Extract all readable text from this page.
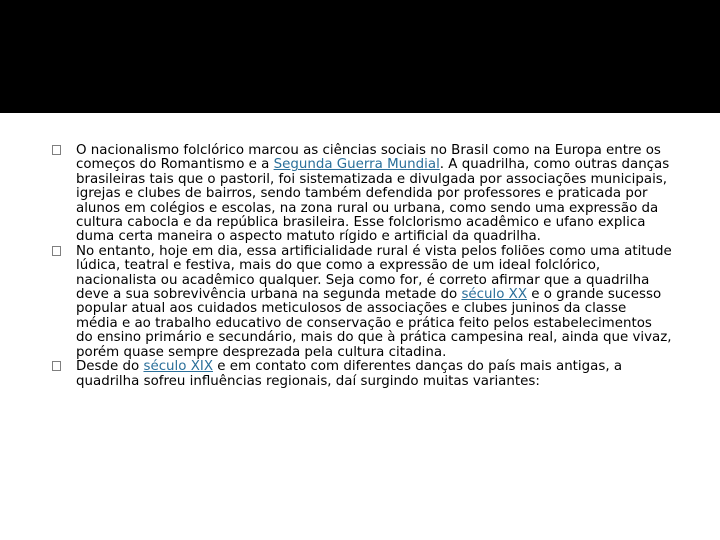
O nacionalismo folclórico marcou as ciências sociais no Brasil como na Europa entre os começos do Romantismo e a Segunda Guerra Mundial. A quadrilha, como outras danças brasileiras tais que o pastoril, foi sistematizada e divulgada por associações municipais, igrejas e clubes de bairros, sendo também defendida por professores e praticada por alunos em colégios e escolas, na zona rural ou urbana, como sendo uma expressão da cultura cabocla e da república brasileira. Esse folclorismo acadêmico e ufano explica duma certa maneira o aspecto matuto rígido e artificial da quadrilha.
No entanto, hoje em dia, essa artificialidade rural é vista pelos foliões como uma atitude lúdica, teatral e festiva, mais do que como a expressão de um ideal folclórico, nacionalista ou acadêmico qualquer. Seja como for, é correto afirmar que a quadrilha deve a sua sobrevivência urbana na segunda metade do século XX e o grande sucesso popular atual aos cuidados meticulosos de associações e clubes juninos da classe média e ao trabalho educativo de conservação e prática feito pelos estabelecimentos do ensino primário e secundário, mais do que à prática campesina real, ainda que vivaz, porém quase sempre desprezada pela cultura citadina.
Desde do século XIX e em contato com diferentes danças do país mais antigas, a quadrilha sofreu influências regionais, daí surgindo muitas variantes:
